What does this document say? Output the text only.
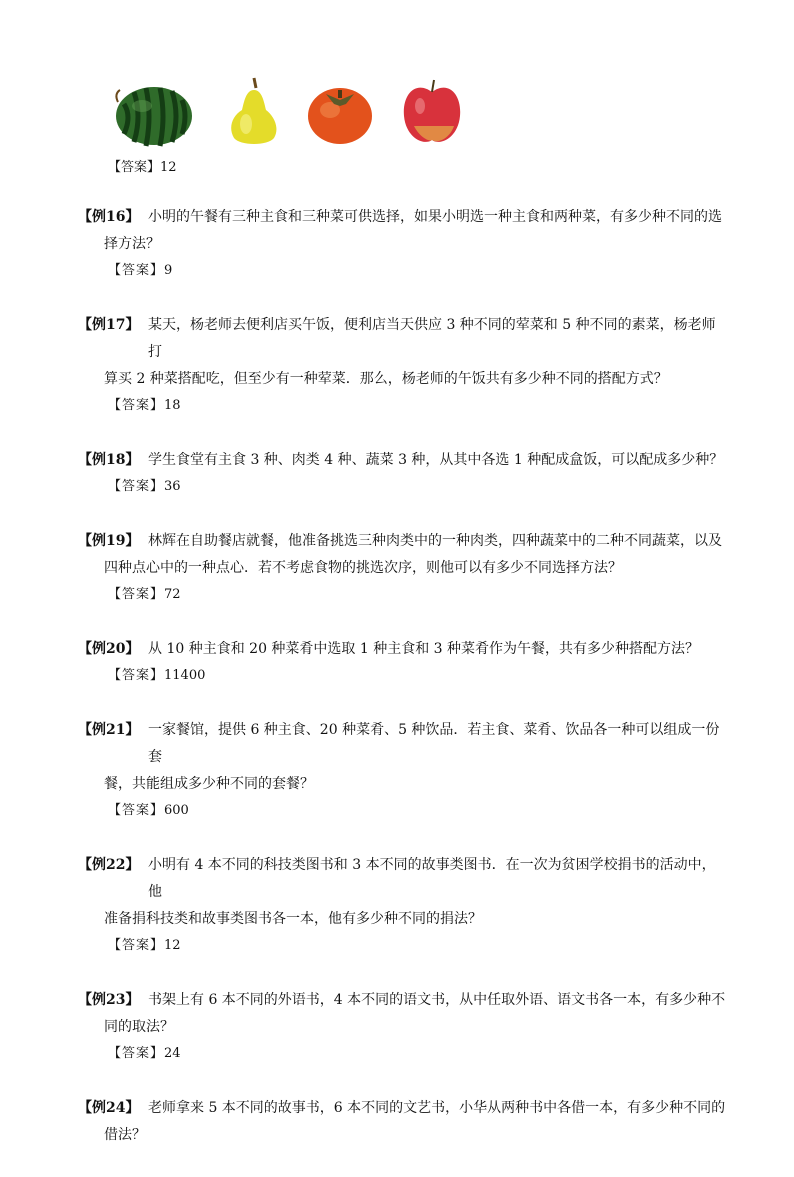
【答案】12
【例16】 小明的午餐有三种主食和三种菜可供选择，如果小明选一种主食和两种菜，有多少种不同的选
择方法？
【答案】9
【例17】 某天，杨老师去便利店买午饭，便利店当天供应 3 种不同的荤菜和 5 种不同的素菜，杨老师打
算买 2 种菜搭配吃，但至少有一种荤菜．那么，杨老师的午饭共有多少种不同的搭配方式？
【答案】18
【例18】 学生食堂有主食 3 种、肉类 4 种、蔬菜 3 种，从其中各选 1 种配成盒饭，可以配成多少种？
【答案】36
【例19】 林辉在自助餐店就餐，他准备挑选三种肉类中的一种肉类，四种蔬菜中的二种不同蔬菜，以及
四种点心中的一种点心．若不考虑食物的挑选次序，则他可以有多少不同选择方法？
【答案】72
【例20】 从 10 种主食和 20 种菜肴中选取 1 种主食和 3 种菜肴作为午餐，共有多少种搭配方法？
【答案】11400
【例21】 一家餐馆，提供 6 种主食、20 种菜肴、5 种饮品．若主食、菜肴、饮品各一种可以组成一份套
餐，共能组成多少种不同的套餐？
【答案】600
【例22】 小明有 4 本不同的科技类图书和 3 本不同的故事类图书．在一次为贫困学校捐书的活动中，他
准备捐科技类和故事类图书各一本，他有多少种不同的捐法？
【答案】12
【例23】 书架上有 6 本不同的外语书，4 本不同的语文书，从中任取外语、语文书各一本，有多少种不
同的取法？
【答案】24
【例24】 老师拿来 5 本不同的故事书，6 本不同的文艺书，小华从两种书中各借一本，有多少种不同的
借法？
